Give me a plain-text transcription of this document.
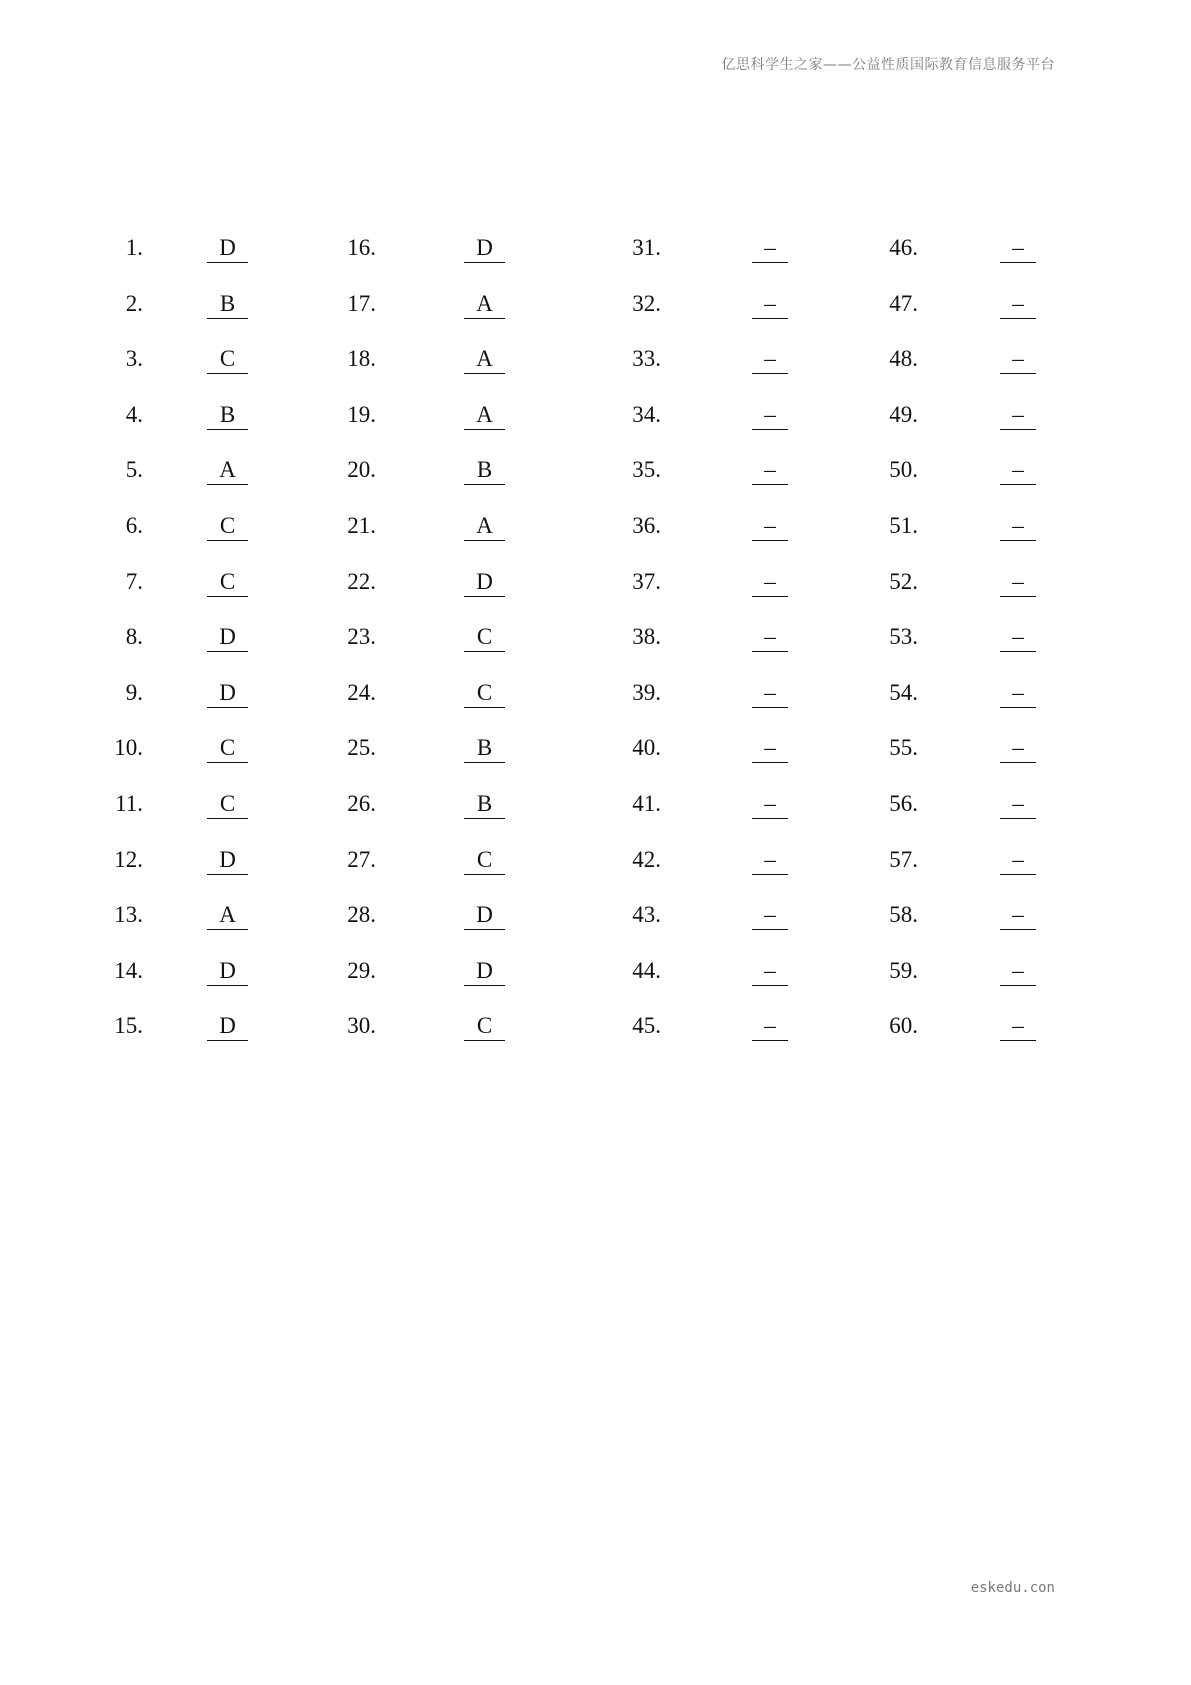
亿思科学生之家——公益性质国际教育信息服务平台
1.	D
2.	B
3.	C
4.	B
5.	A
6.	C
7.	C
8.	D
9.	D
10.	C
11.	C
12.	D
13.	A
14.	D
15.	D
16.	D
17.	A
18.	A
19.	A
20.	B
21.	A
22.	D
23.	C
24.	C
25.	B
26.	B
27.	C
28.	D
29.	D
30.	C
31.	–
32.	–
33.	–
34.	–
35.	–
36.	–
37.	–
38.	–
39.	–
40.	–
41.	–
42.	–
43.	–
44.	–
45.	–
46.	–
47.	–
48.	–
49.	–
50.	–
51.	–
52.	–
53.	–
54.	–
55.	–
56.	–
57.	–
58.	–
59.	–
60.	–
eskedu.con
